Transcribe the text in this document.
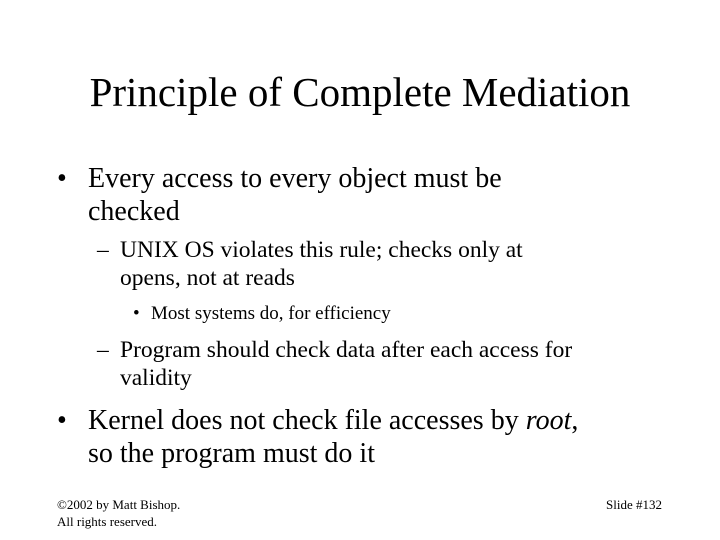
Principle of Complete Mediation
• Every access to every object must be
checked
– UNIX OS violates this rule; checks only at
opens, not at reads
• Most systems do, for efficiency
– Program should check data after each access for
validity
• Kernel does not check file accesses by root,
so the program must do it
©2002 by Matt Bishop.
All rights reserved.
Slide #132
